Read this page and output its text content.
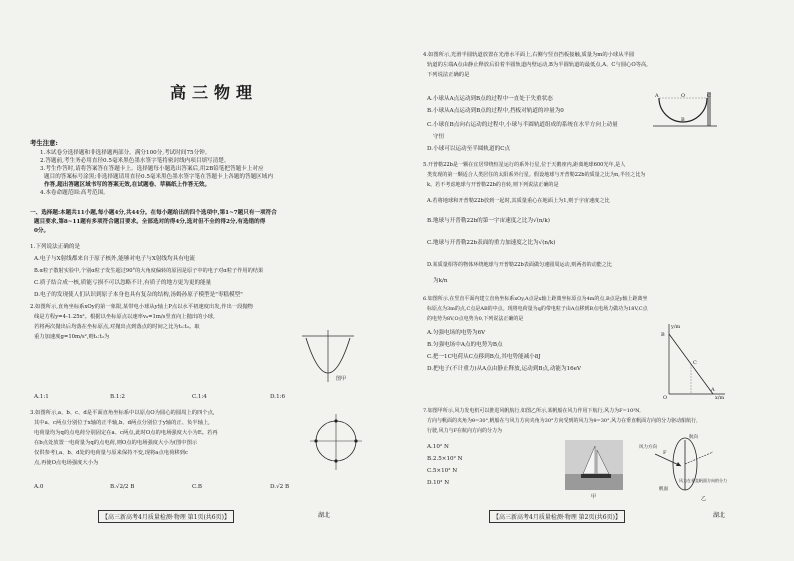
高三物理
考生注意:
1.本试卷分选择题和非选择题两部分。满分100分,考试时间75分钟。
2.答题前,考生务必用直径0.5毫米黑色墨水签字笔将密封线内项目填写清楚。
3.考生作答时,请将答案答在答题卡上。选择题每小题选出答案后,用2B铅笔把答题卡上对应
题目的答案标号涂黑;非选择题请用直径0.5毫米黑色墨水签字笔在答题卡上各题的答题区域内
作答,超出答题区域书写的答案无效,在试题卷、草稿纸上作答无效。
4.本卷命题范围:高考范围。
一、选择题:本题共11小题,每小题4分,共44分。在每小题给出的四个选项中,第1~7题只有一项符合
题目要求,第8~11题有多项符合题目要求。全部选对的得4分,选对但不全的得2分,有选错的得
0分。
1.下列说法正确的是
A.电子与X射线都来自于原子核外,能够对电子与X射线均具有电流
B.α粒子散射实验中,个别α粒子发生超过90°的大角度偏转的原因是原子中的电子对α粒子作用的结果
C.质子结合成一核,质能亏损不可以忽略不计,有质子的地方更为更的能量
D.电子的发现使人们认识到原子本身也具有复杂的结构,汤姆孙原子模型是"枣糕模型"
2.如图所示,直角坐标系xOy的第一象限,某带电小球从y轴上P点以水平初速度出发,作出一段抛物
线是方程y=4-1.25x²。根据以坐标原点以速率v₀=1m/s竖直向上抛出的小球,
若将两次抛出后均落在坐标原点,对抛出点到落点的时间之比为t₁:t₂。取
重力加速度g=10m/s²,则t₁:t₂为
图甲
A.1:1	B.1:2	C.1:4	D.1:6
3.如图所示,a、b、c、d是平面直角坐标系中以原点O为圆心的圆周上的四个点,
其中a、c两点分别位于x轴的正半轴,b、d两点分别位于y轴的正、负半轴上,
电荷量均为q的点电荷分别固定在a、c两点,此时O点的电场强度大小为E。若再
在b点处放置一电荷量为q的点电荷,则O点的电场强度大小为(图中图示
仅供参考),a、b、d处的电荷量与原来保持不变,现将a点电荷移到c
点,再使O点电场强度大小为
A.0	B.√2/2 B	C.B	D.√2 B
【高三新高考4月质量检测·物理 第1页(共6页)】	湖北
4.如图所示,光滑半圆轨道放置在光滑水平面上,右侧与竖直挡板接触,质量为m的小球从半圆
轨道的左端A点由静止释放后沿着半圆轨道内壁运动,B为半圆轨道的最低点,A、C与圆心O等高,
下列说法正确的是
A	O	C
B
A.小球从A点运动到B点的过程中一直处于失重状态
B.小球从A点运动到B点的过程中,挡板对轨道的冲量为0
C.小球在B点向右运动的过程中,小球与半圆轨道组成的系统在水平方向上动量
守恒
D.小球可以运动至半圆轨道的C点
5.开普勒22b是一颗在宜居带绕恒星运行的系外行星,位于天鹅座内,距离地球600光年,是人
类发现的第一颗适合人类居住的太阳系外行星。假设地球与开普勒22b的质量之比为n,半径之比为
k。若不考虑地球与开普勒22b的自转,则下列说法正确的是
A.若将地球和开普勒22b放到一起时,其质量重心在地面上为1,则于宇宙速度之比
B.地球与开普勒22b的第一宇宙速度之比为√(n/k)
C.地球与开普勒22b表面的重力加速度之比为√(n/k)
D.某质量相等的物体环绕地球与开普勒22b表面做匀速圆周运动,则两者的动能之比
为k/n
6.如图所示,在竖直平面内建立直角坐标系xOy,A点是x轴上距离坐标原点为4m的点,B点是y轴上距离坐
标原点为3m的点,C点是AB的中点。现将电荷量为q的带电粒子由A点移到B点电场力做功为18V,C点
的电势为8V,O点电势为0,下列说法正确的是
y/m
B
C
A
x/m
O
A.匀强电场的电势为6V
B.匀强电场中A点的电势为B点
C.把一1C电荷从C点移到B点,其电势能减小8J
D.把电子(不计重力)从A点由静止释放,运动到B点,动能为16eV
7.如图甲所示,风力发电机可以推进风帆航行,如图乙所示,某帆船在风力作用下航行,风力为F=10³N,
方向与帆面的夹角为θ=30°,帆船在与风力方向夹角为30°方向受到的风力为θ=30°,风力在垂直帆面方向的分力驱动船航行,
行驶,风力与F在航向方向的分力为
A.10² N
B.2.5×10² N
C.5×10² N
D.10³ N
甲
风力方向
F
航向
风力在垂直帆面方向的分力
帆面
乙
【高三新高考4月质量检测·物理 第2页(共6页)】	湖北
